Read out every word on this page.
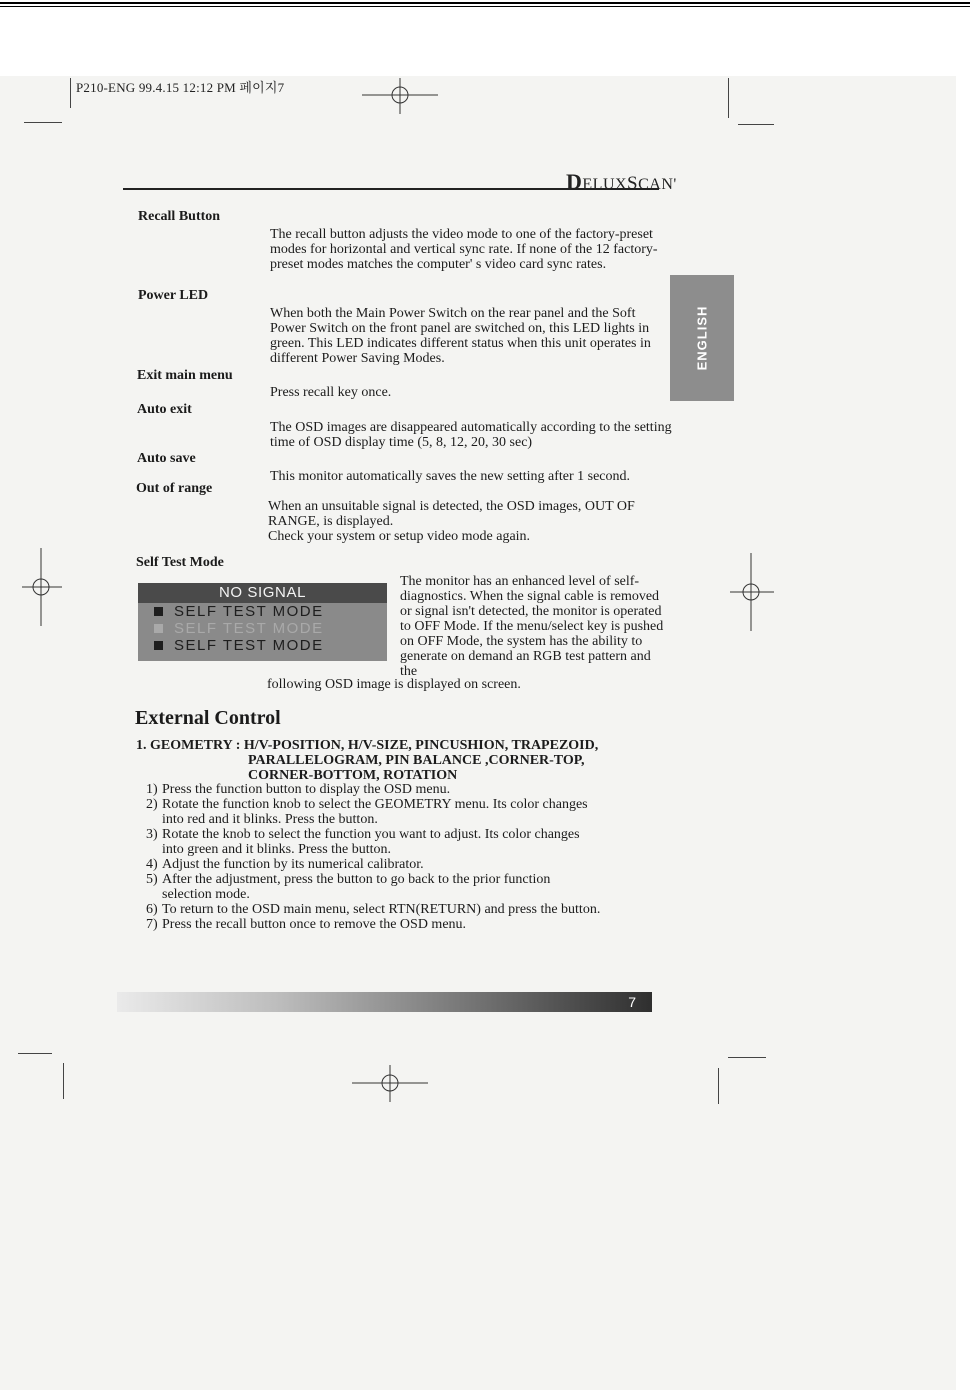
P210-ENG 99.4.15 12:12 PM 페이지7
DELUXSCAN'
ENGLISH
Recall Button
The recall button adjusts the video mode to one of the factory-preset modes for horizontal and vertical sync rate. If none of the 12 factory-preset modes matches the computer' s video card sync rates.
Power LED
When both the Main Power Switch on the rear panel and the Soft Power Switch on the front panel are switched on, this LED lights in green. This LED indicates different status when this unit operates in different Power Saving Modes.
Exit main menu
Press recall key once.
Auto exit
The OSD images are disappeared automatically according to the setting time of OSD display time (5, 8, 12, 20, 30 sec)
Auto save
This monitor automatically saves the new setting after 1 second.
Out of range
When an unsuitable signal is detected, the OSD images, OUT OF RANGE, is displayed.
Check your system or setup video mode again.
Self Test Mode
NO SIGNAL
SELF TEST MODE
SELF TEST MODE
SELF TEST MODE
The monitor has an enhanced level of self-diagnostics. When the signal cable is removed or signal isn't detected, the monitor is operated to OFF Mode. If the menu/select key is pushed on OFF Mode, the system has the ability to generate on demand an RGB test pattern and the
following OSD image is displayed on screen.
External Control
1. GEOMETRY : H/V-POSITION, H/V-SIZE, PINCUSHION, TRAPEZOID,
PARALLELOGRAM, PIN BALANCE ,CORNER-TOP,
CORNER-BOTTOM, ROTATION
1) Press the function button to display the OSD menu.
2) Rotate the function knob to select the GEOMETRY menu. Its color changes
into red and it blinks. Press the button.
3) Rotate the knob to select the function you want to adjust. Its color changes
into green and it blinks. Press the button.
4) Adjust the function by its numerical calibrator.
5) After the adjustment, press the button to go back to the prior function
selection mode.
6) To return to the OSD main menu, select RTN(RETURN) and press the button.
7) Press the recall button once to remove the OSD menu.
7
